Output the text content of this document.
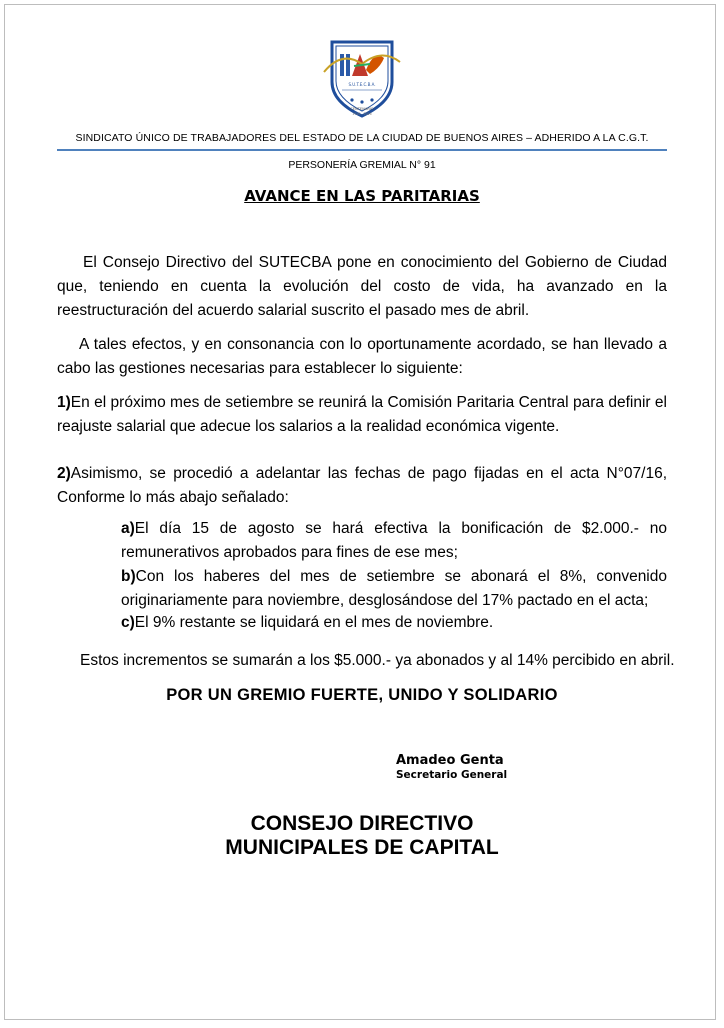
S.U.T.E.C.B.A.
CENTENARIO
1916 - 2016
SINDICATO ÚNICO DE TRABAJADORES DEL ESTADO DE LA CIUDAD DE BUENOS AIRES – ADHERIDO A LA C.G.T.
PERSONERÍA GREMIAL N° 91
AVANCE EN LAS PARITARIAS
El Consejo Directivo del SUTECBA pone en conocimiento del Gobierno de Ciudad que, teniendo en cuenta la evolución del costo de vida, ha avanzado en la reestructuración del acuerdo salarial suscrito el pasado mes de abril.
A tales efectos, y en consonancia con lo oportunamente acordado, se han llevado a cabo las gestiones necesarias para establecer lo siguiente:
1)En el próximo mes de setiembre se reunirá la Comisión Paritaria Central para definir el reajuste salarial que adecue los salarios a la realidad económica vigente.
2)Asimismo, se procedió a adelantar las fechas de pago fijadas en el acta N°07/16, Conforme lo más abajo señalado:
a)El día 15 de agosto se hará efectiva la bonificación de $2.000.- no remunerativos aprobados para fines de ese mes;
b)Con los haberes del mes de setiembre se abonará el 8%, convenido originariamente para noviembre, desglosándose del 17% pactado en el acta;
c)El 9% restante se liquidará en el mes de noviembre.
Estos incrementos se sumarán a los $5.000.- ya abonados y al 14% percibido en abril.
POR UN GREMIO FUERTE, UNIDO Y SOLIDARIO
Amadeo Genta
Secretario General
CONSEJO DIRECTIVO
MUNICIPALES DE CAPITAL
